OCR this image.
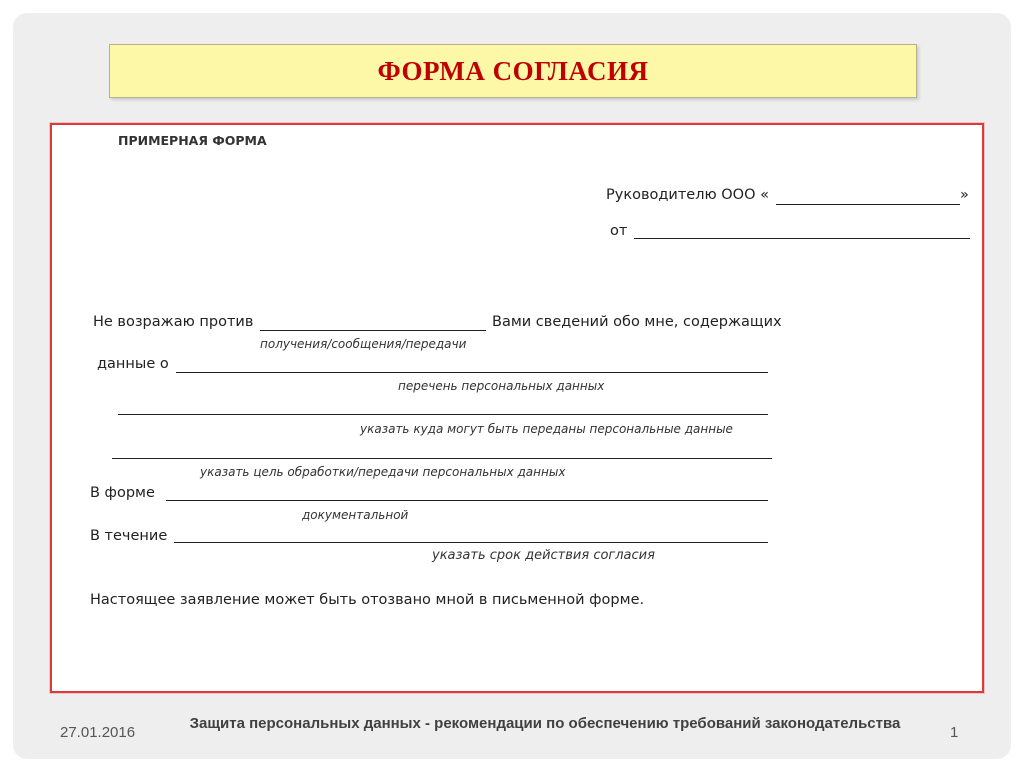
ФОРМА СОГЛАСИЯ
ПРИМЕРНАЯ ФОРМА
Руководителю ООО «	»
от
Не возражаю против	Вами сведений обо мне, содержащих
получения/сообщения/передачи
данные о
перечень персональных данных
указать куда могут быть переданы персональные данные
указать цель обработки/передачи персональных данных
В форме
документальной
В течение
указать срок действия согласия
Настоящее заявление может быть отозвано мной в письменной форме.
27.01.2016
Защита персональных данных - рекомендации по обеспечению требований законодательства
1
